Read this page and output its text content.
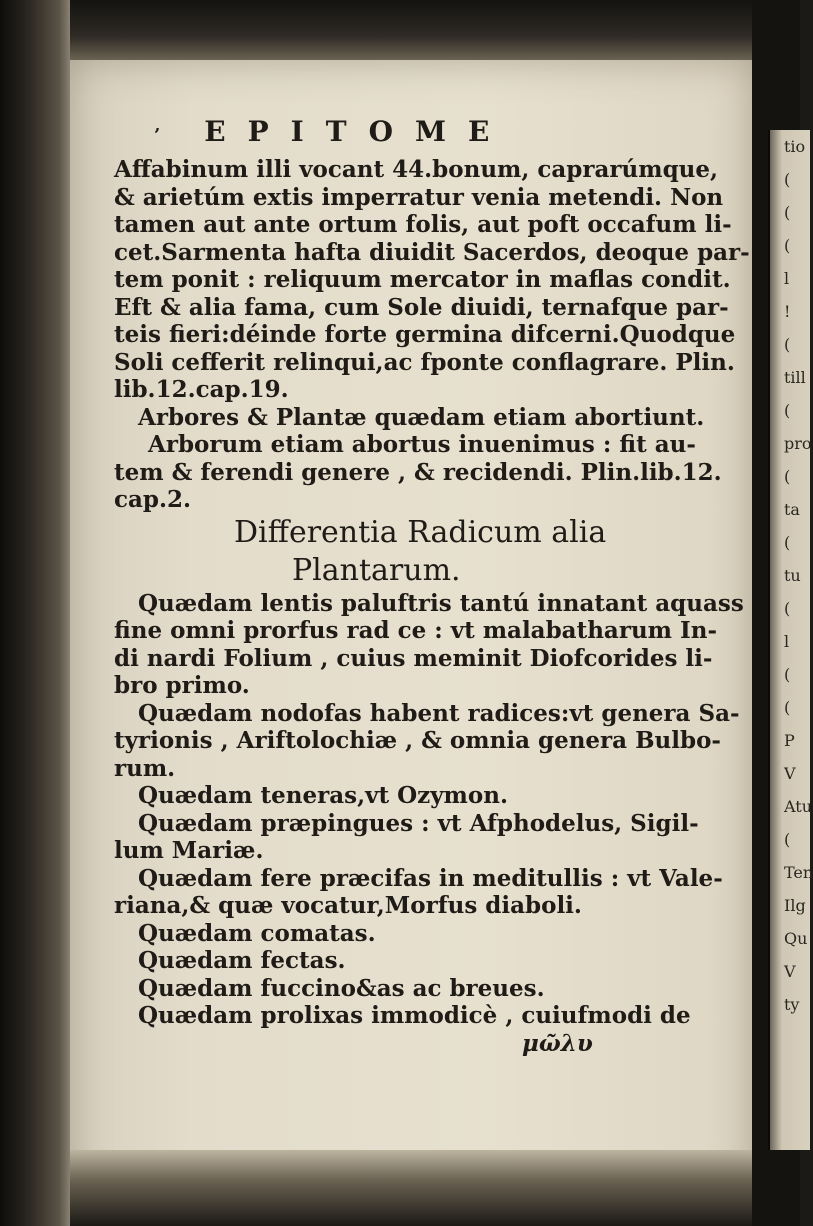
tio
(
(
(
l
!
(
till
(
pro
(
ta
(
tu
(
l
(
(
P
V
Atu
(
Ten
Ilg
Qu
V
ty
’ EPITOME
Affabinum illi vocant 44.bonum, caprarúmque,
& arietúm extis imperratur venia metendi. Non
tamen aut ante ortum folis, aut poft occafum li-
cet.Sarmenta hafta diuidit Sacerdos, deoque par-
tem ponit : reliquum mercator in maflas condit.
Eft & alia fama, cum Sole diuidi, ternafque par-
teis fieri:déinde forte germina difcerni.Quodque
Soli cefferit relinqui,ac fponte conflagrare. Plin.
lib.12.cap.19.
Arbores & Plantæ quædam etiam abortiunt.
Arborum etiam abortus inuenimus : fit au-
tem & ferendi genere , & recidendi. Plin.lib.12.
cap.2.
Differentia Radicum alia
Plantarum.
Quædam lentis paluftris tantú innatant aquass
fine omni prorfus rad ce : vt malabatharum In-
di nardi Folium , cuius meminit Diofcorides li-
bro primo.
Quædam nodofas habent radices:vt genera Sa-
tyrionis , Ariftolochiæ , & omnia genera Bulbo-
rum.
Quædam teneras,vt Ozymon.
Quædam præpingues : vt Afphodelus, Sigil-
lum Mariæ.
Quædam fere præcifas in meditullis : vt Vale-
riana,& quæ vocatur,Morfus diaboli.
Quædam comatas.
Quædam fectas.
Quædam fuccino&as ac breues.
Quædam prolixas immodicè , cuiufmodi de
μῶλυ
